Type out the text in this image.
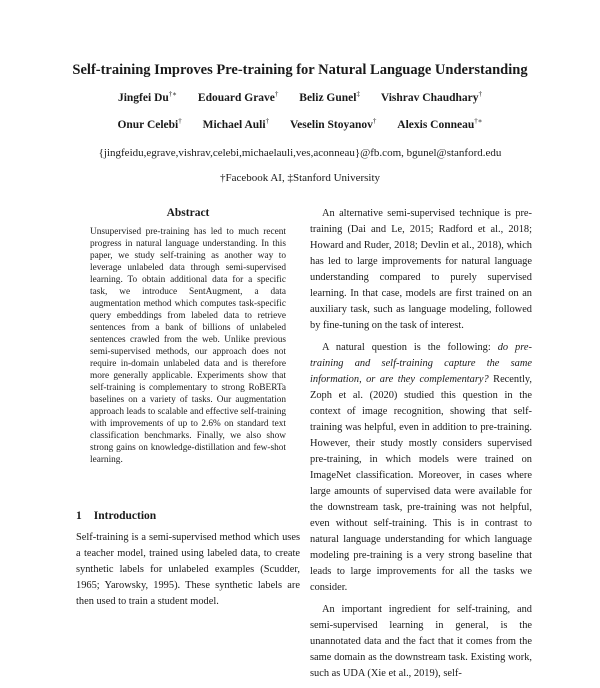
Self-training Improves Pre-training for Natural Language Understanding
Jingfei Du†∗ Edouard Grave† Beliz Gunel‡ Vishrav Chaudhary†
Onur Celebi† Michael Auli† Veselin Stoyanov† Alexis Conneau†∗
{jingfeidu,egrave,vishrav,celebi,michaelauli,ves,aconneau}@fb.com, bgunel@stanford.edu
†Facebook AI, ‡Stanford University
Abstract
Unsupervised pre-training has led to much recent progress in natural language understanding. In this paper, we study self-training as another way to leverage unlabeled data through semi-supervised learning. To obtain additional data for a specific task, we introduce SentAugment, a data augmentation method which computes task-specific query embeddings from labeled data to retrieve sentences from a bank of billions of unlabeled sentences crawled from the web. Unlike previous semi-supervised methods, our approach does not require in-domain unlabeled data and is therefore more generally applicable. Experiments show that self-training is complementary to strong RoBERTa baselines on a variety of tasks. Our augmentation approach leads to scalable and effective self-training with improvements of up to 2.6% on standard text classification benchmarks. Finally, we also show strong gains on knowledge-distillation and few-shot learning.
1 Introduction

Self-training is a semi-supervised method which uses a teacher model, trained using labeled data, to create synthetic labels for unlabeled examples (Scudder, 1965; Yarowsky, 1995). These synthetic labels are then used to train a student model.

An alternative semi-supervised technique is pre-training (Dai and Le, 2015; Radford et al., 2018; Howard and Ruder, 2018; Devlin et al., 2018), which has led to large improvements for natural language understanding compared to purely supervised learning. In that case, models are first trained on an auxiliary task, such as language modeling, followed by fine-tuning on the task of interest.

A natural question is the following: do pre-training and self-training capture the same information, or are they complementary? Recently, Zoph et al. (2020) studied this question in the context of image recognition, showing that self-training was helpful, even in addition to pre-training. However, their study mostly considers supervised pre-training, in which models were trained on ImageNet classification. Moreover, in cases where large amounts of supervised data were available for the downstream task, pre-training was not helpful, even without self-training. This is in contrast to natural language understanding for which language modeling pre-training is a very strong baseline that leads to large improvements for all the tasks we consider.

An important ingredient for self-training, and semi-supervised learning in general, is the unannotated data and the fact that it comes from the same domain as the downstream task. Existing work, such as UDA (Xie et al., 2019), self-
